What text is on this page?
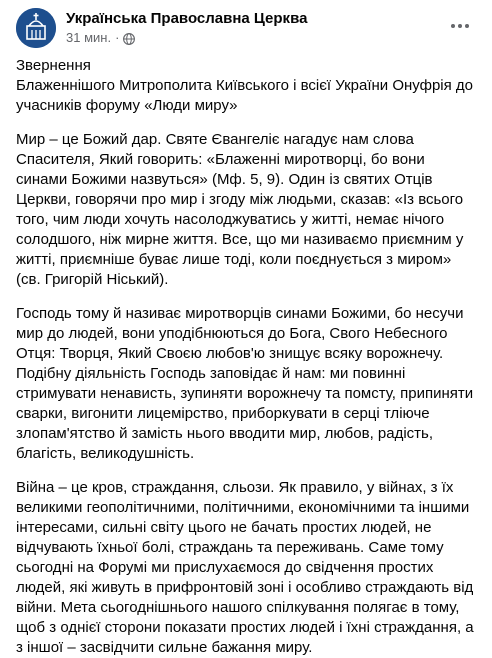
Українська Православна Церква
31 мин. ·

Звернення
Блаженнішого Митрополита Київського і всієї України Онуфрія до учасників форуму «Люди миру»

Мир – це Божий дар. Святе Євангеліє нагадує нам слова Спасителя, Який говорить: «Блаженні миротворці, бо вони синами Божими назвуться» (Мф. 5, 9). Один із святих Отців Церкви, говорячи про мир і згоду між людьми, сказав: «Із всього того, чим люди хочуть насолоджуватись у житті, немає нічого солодшого, ніж мирне життя. Все, що ми називаємо приємним у житті, приємніше буває лише тоді, коли поєднується з миром» (св. Григорій Ніський).

Господь тому й називає миротворців синами Божими, бо несучи мир до людей, вони уподібнюються до Бога, Свого Небесного Отця: Творця, Який Своєю любов'ю знищує всяку ворожнечу. Подібну діяльність Господь заповідає й нам: ми повинні стримувати ненависть, зупиняти ворожнечу та помсту, припиняти сварки, вигонити лицемірство, приборкувати в серці тліюче злопам'ятство й замість нього вводити мир, любов, радість, благість, великодушність.

Війна – це кров, страждання, сльози. Як правило, у війнах, з їх великими геополітичними, політичними, економічними та іншими інтересами, сильні світу цього не бачать простих людей, не відчувають їхньої болі, страждань та переживань. Саме тому сьогодні на Форумі ми прислухаємося до свідчення простих людей, які живуть в прифронтовій зоні і особливо страждають від війни. Мета сьогоднішнього нашого спілкування полягає в тому, щоб з однієї сторони показати простих людей і їхні страждання, а з іншої – засвідчити сильне бажання миру.
